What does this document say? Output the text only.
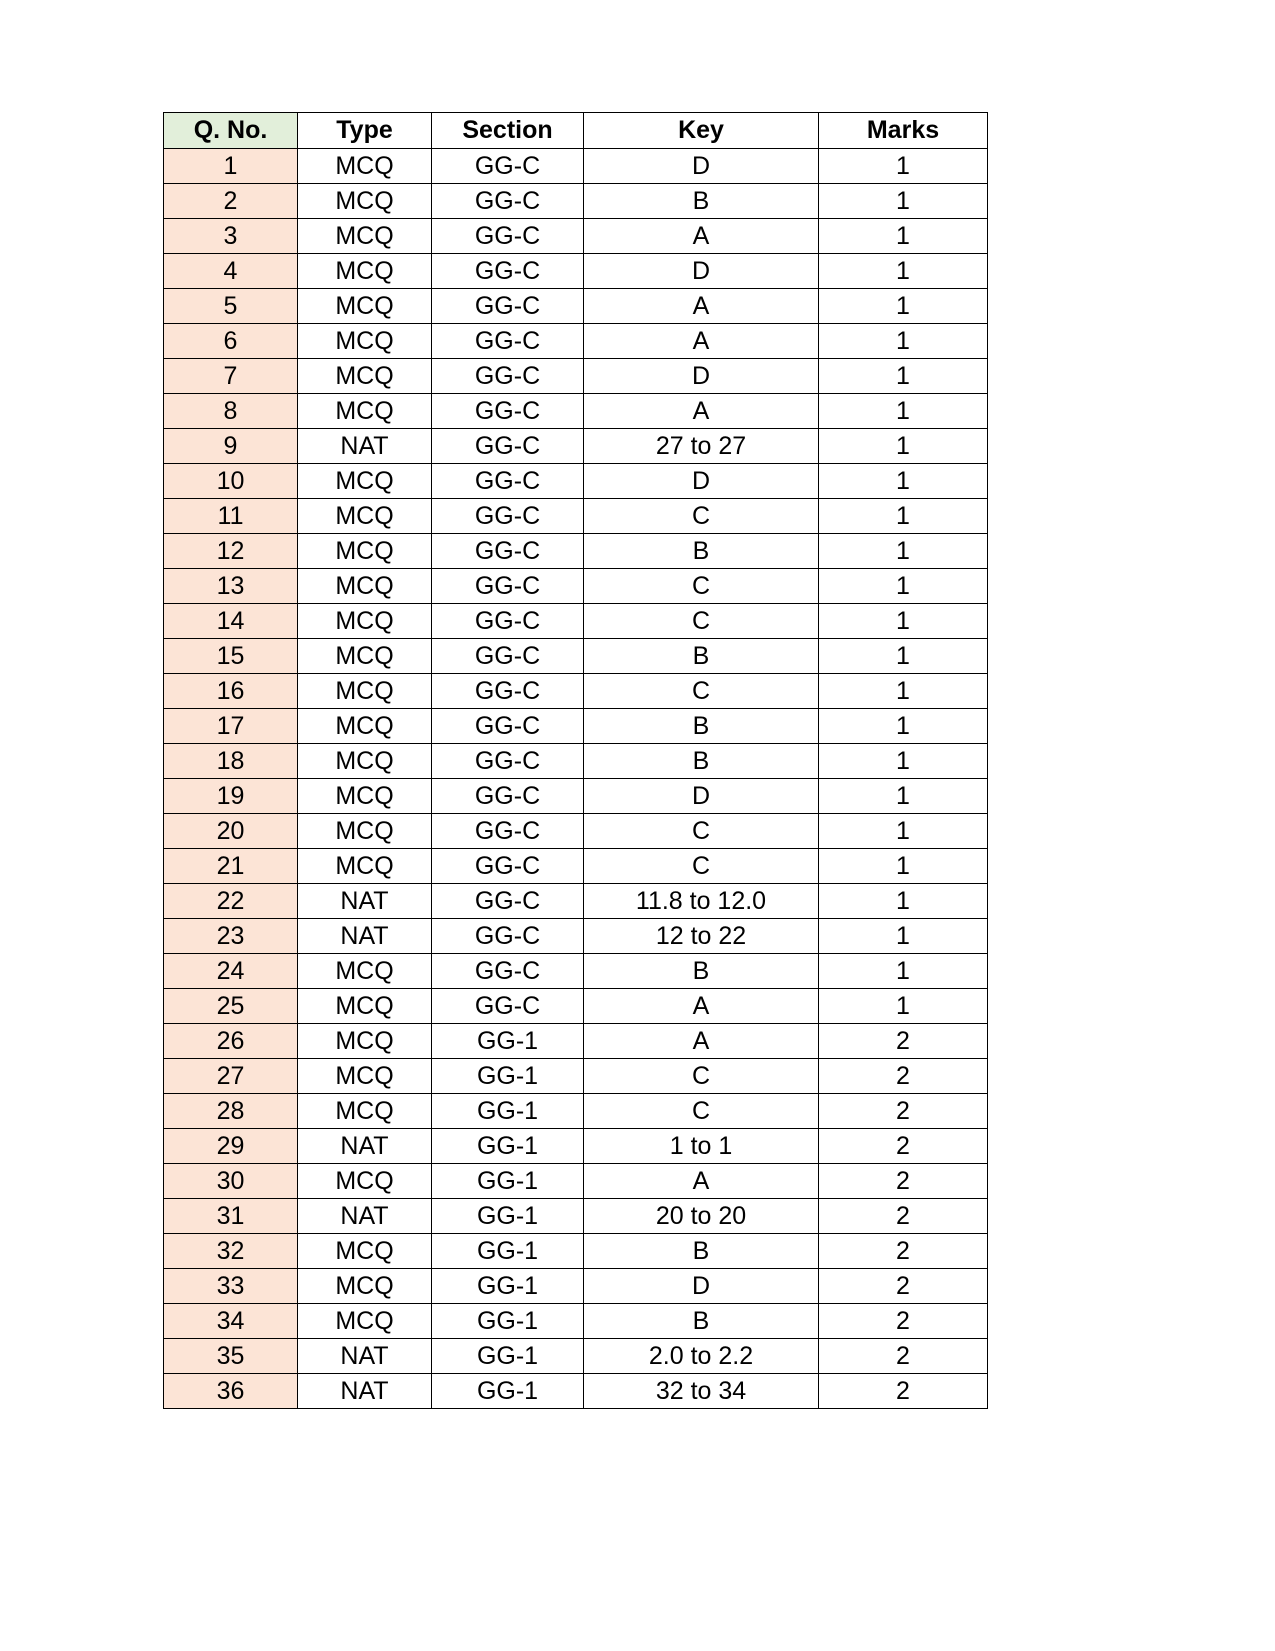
Q. No.	Type	Section	Key	Marks
1	MCQ	GG-C	D	1
2	MCQ	GG-C	B	1
3	MCQ	GG-C	A	1
4	MCQ	GG-C	D	1
5	MCQ	GG-C	A	1
6	MCQ	GG-C	A	1
7	MCQ	GG-C	D	1
8	MCQ	GG-C	A	1
9	NAT	GG-C	27 to 27	1
10	MCQ	GG-C	D	1
11	MCQ	GG-C	C	1
12	MCQ	GG-C	B	1
13	MCQ	GG-C	C	1
14	MCQ	GG-C	C	1
15	MCQ	GG-C	B	1
16	MCQ	GG-C	C	1
17	MCQ	GG-C	B	1
18	MCQ	GG-C	B	1
19	MCQ	GG-C	D	1
20	MCQ	GG-C	C	1
21	MCQ	GG-C	C	1
22	NAT	GG-C	11.8 to 12.0	1
23	NAT	GG-C	12 to 22	1
24	MCQ	GG-C	B	1
25	MCQ	GG-C	A	1
26	MCQ	GG-1	A	2
27	MCQ	GG-1	C	2
28	MCQ	GG-1	C	2
29	NAT	GG-1	1 to 1	2
30	MCQ	GG-1	A	2
31	NAT	GG-1	20 to 20	2
32	MCQ	GG-1	B	2
33	MCQ	GG-1	D	2
34	MCQ	GG-1	B	2
35	NAT	GG-1	2.0 to 2.2	2
36	NAT	GG-1	32 to 34	2
